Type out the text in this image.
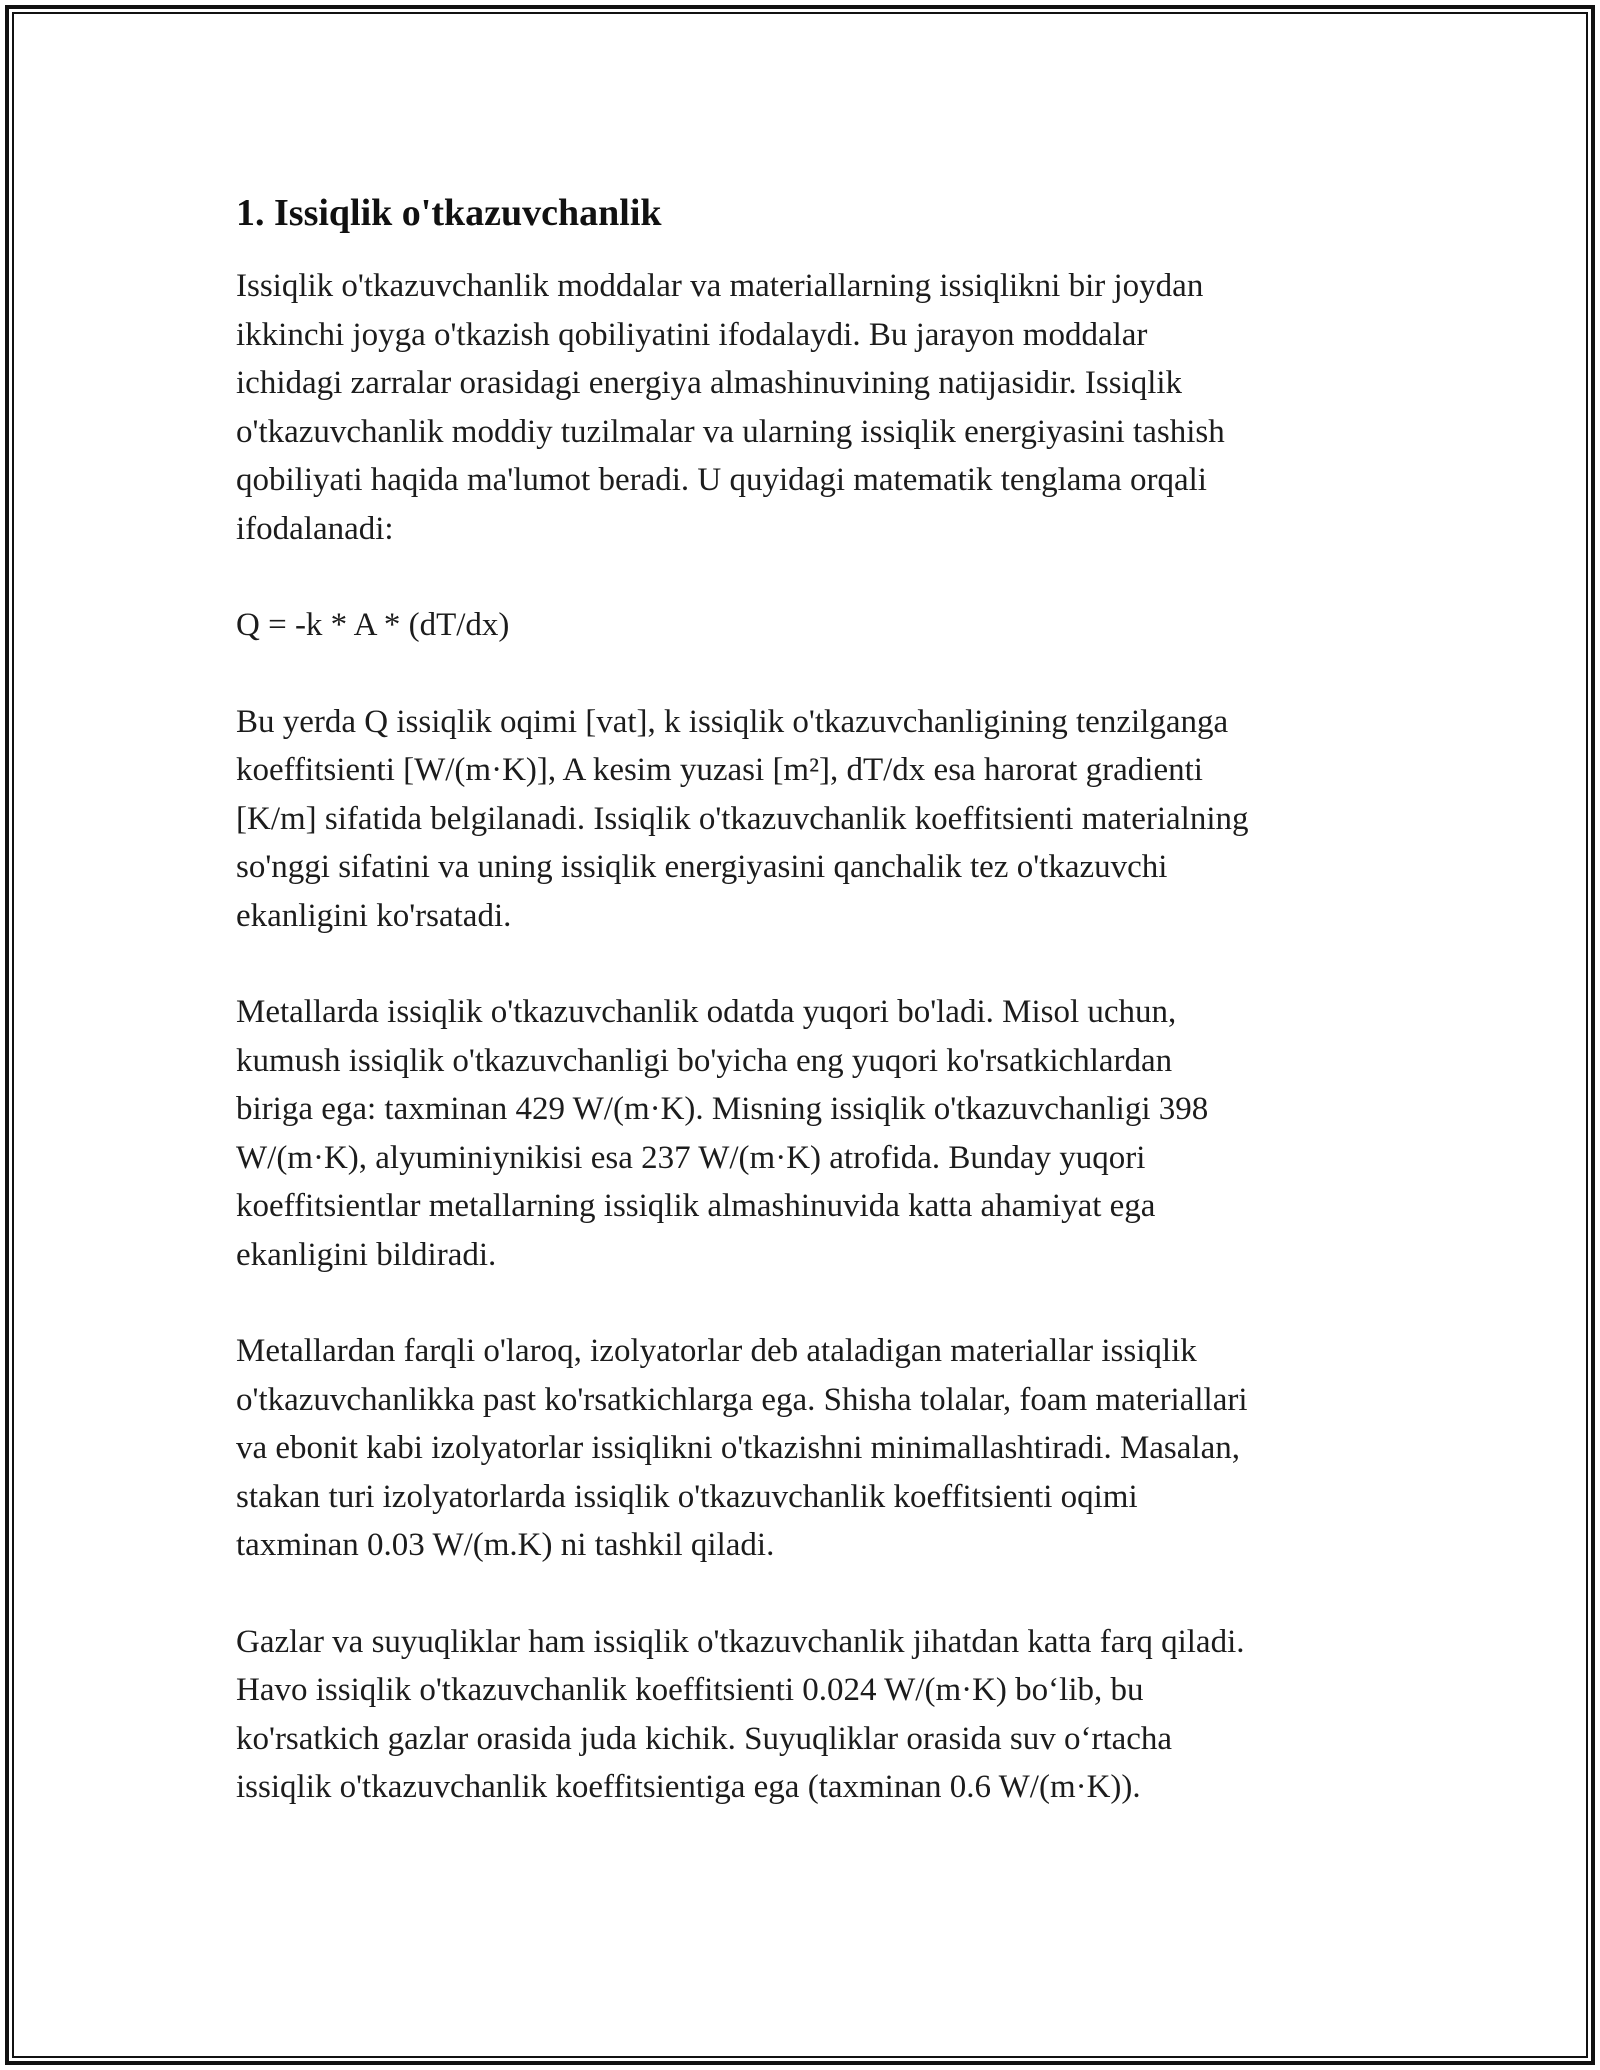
1. Issiqlik o'tkazuvchanlik

Issiqlik o'tkazuvchanlik moddalar va materiallarning issiqlikni bir joydan
ikkinchi joyga o'tkazish qobiliyatini ifodalaydi. Bu jarayon moddalar
ichidagi zarralar orasidagi energiya almashinuvining natijasidir. Issiqlik
o'tkazuvchanlik moddiy tuzilmalar va ularning issiqlik energiyasini tashish
qobiliyati haqida ma'lumot beradi. U quyidagi matematik tenglama orqali
ifodalanadi:

Q = -k * A * (dT/dx)

Bu yerda Q issiqlik oqimi [vat], k issiqlik o'tkazuvchanligining tenzilganga
koeffitsienti [W/(m·K)], A kesim yuzasi [m²], dT/dx esa harorat gradienti
[K/m] sifatida belgilanadi. Issiqlik o'tkazuvchanlik koeffitsienti materialning
so'nggi sifatini va uning issiqlik energiyasini qanchalik tez o'tkazuvchi
ekanligini ko'rsatadi.

Metallarda issiqlik o'tkazuvchanlik odatda yuqori bo'ladi. Misol uchun,
kumush issiqlik o'tkazuvchanligi bo'yicha eng yuqori ko'rsatkichlardan
biriga ega: taxminan 429 W/(m·K). Misning issiqlik o'tkazuvchanligi 398
W/(m·K), alyuminiynikisi esa 237 W/(m·K) atrofida. Bunday yuqori
koeffitsientlar metallarning issiqlik almashinuvida katta ahamiyat ega
ekanligini bildiradi.

Metallardan farqli o'laroq, izolyatorlar deb ataladigan materiallar issiqlik
o'tkazuvchanlikka past ko'rsatkichlarga ega. Shisha tolalar, foam materiallari
va ebonit kabi izolyatorlar issiqlikni o'tkazishni minimallashtiradi. Masalan,
stakan turi izolyatorlarda issiqlik o'tkazuvchanlik koeffitsienti oqimi
taxminan 0.03 W/(m.K) ni tashkil qiladi.

Gazlar va suyuqliklar ham issiqlik o'tkazuvchanlik jihatdan katta farq qiladi.
Havo issiqlik o'tkazuvchanlik koeffitsienti 0.024 W/(m·K) bo‘lib, bu
ko'rsatkich gazlar orasida juda kichik. Suyuqliklar orasida suv o‘rtacha
issiqlik o'tkazuvchanlik koeffitsientiga ega (taxminan 0.6 W/(m·K)).
